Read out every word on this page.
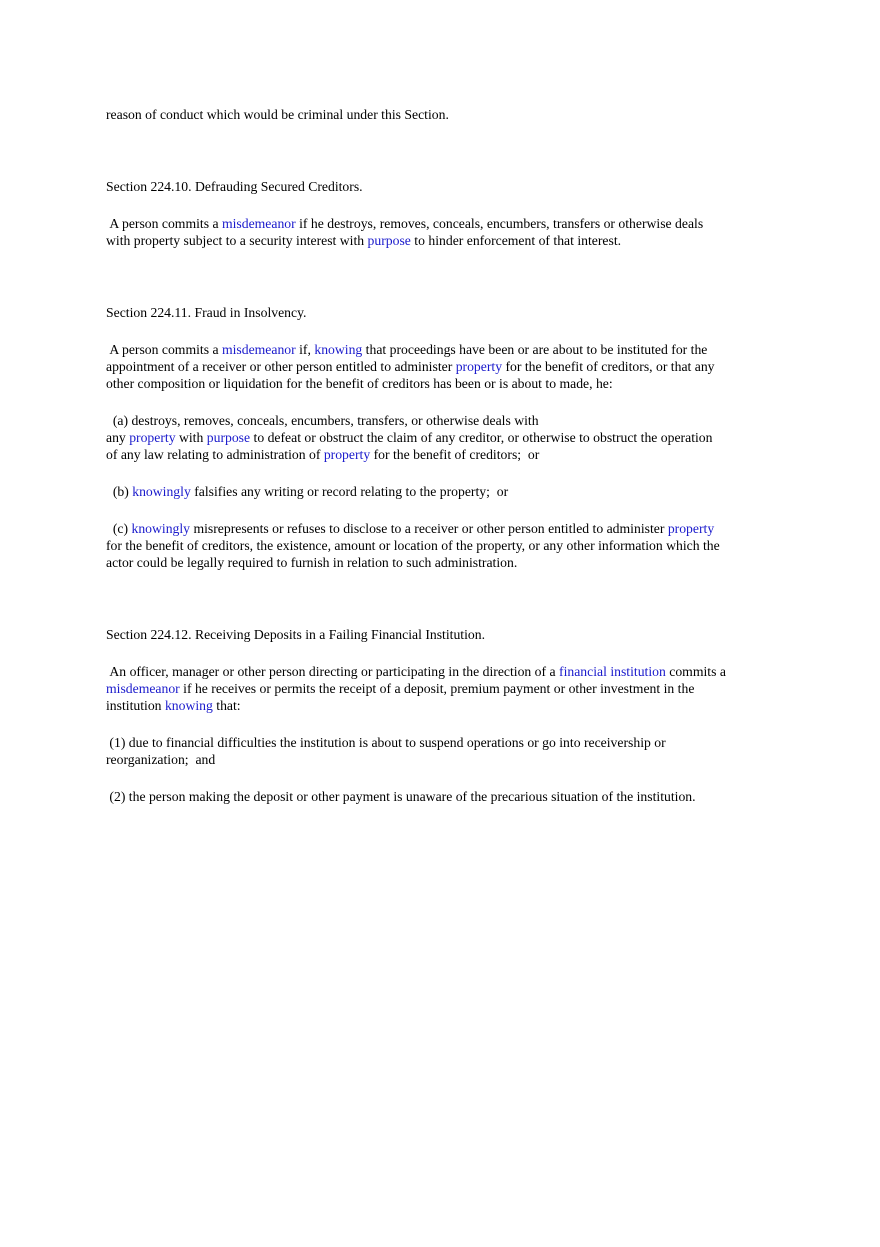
reason of conduct which would be criminal under this Section.

Section 224.10. Defrauding Secured Creditors.

A person commits a misdemeanor if he destroys, removes, conceals, encumbers, transfers or otherwise deals with property subject to a security interest with purpose to hinder enforcement of that interest.

Section 224.11. Fraud in Insolvency.

A person commits a misdemeanor if, knowing that proceedings have been or are about to be instituted for the appointment of a receiver or other person entitled to administer property for the benefit of creditors, or that any other composition or liquidation for the benefit of creditors has been or is about to made, he:

(a) destroys, removes, conceals, encumbers, transfers, or otherwise deals with
any property with purpose to defeat or obstruct the claim of any creditor, or otherwise to obstruct the operation of any law relating to administration of property for the benefit of creditors;  or

(b) knowingly falsifies any writing or record relating to the property;  or

(c) knowingly misrepresents or refuses to disclose to a receiver or other person entitled to administer property for the benefit of creditors, the existence, amount or location of the property, or any other information which the actor could be legally required to furnish in relation to such administration.

Section 224.12. Receiving Deposits in a Failing Financial Institution.

An officer, manager or other person directing or participating in the direction of a financial institution commits a misdemeanor if he receives or permits the receipt of a deposit, premium payment or other investment in the institution knowing that:

(1) due to financial difficulties the institution is about to suspend operations or go into receivership or reorganization;  and

(2) the person making the deposit or other payment is unaware of the precarious situation of the institution.
